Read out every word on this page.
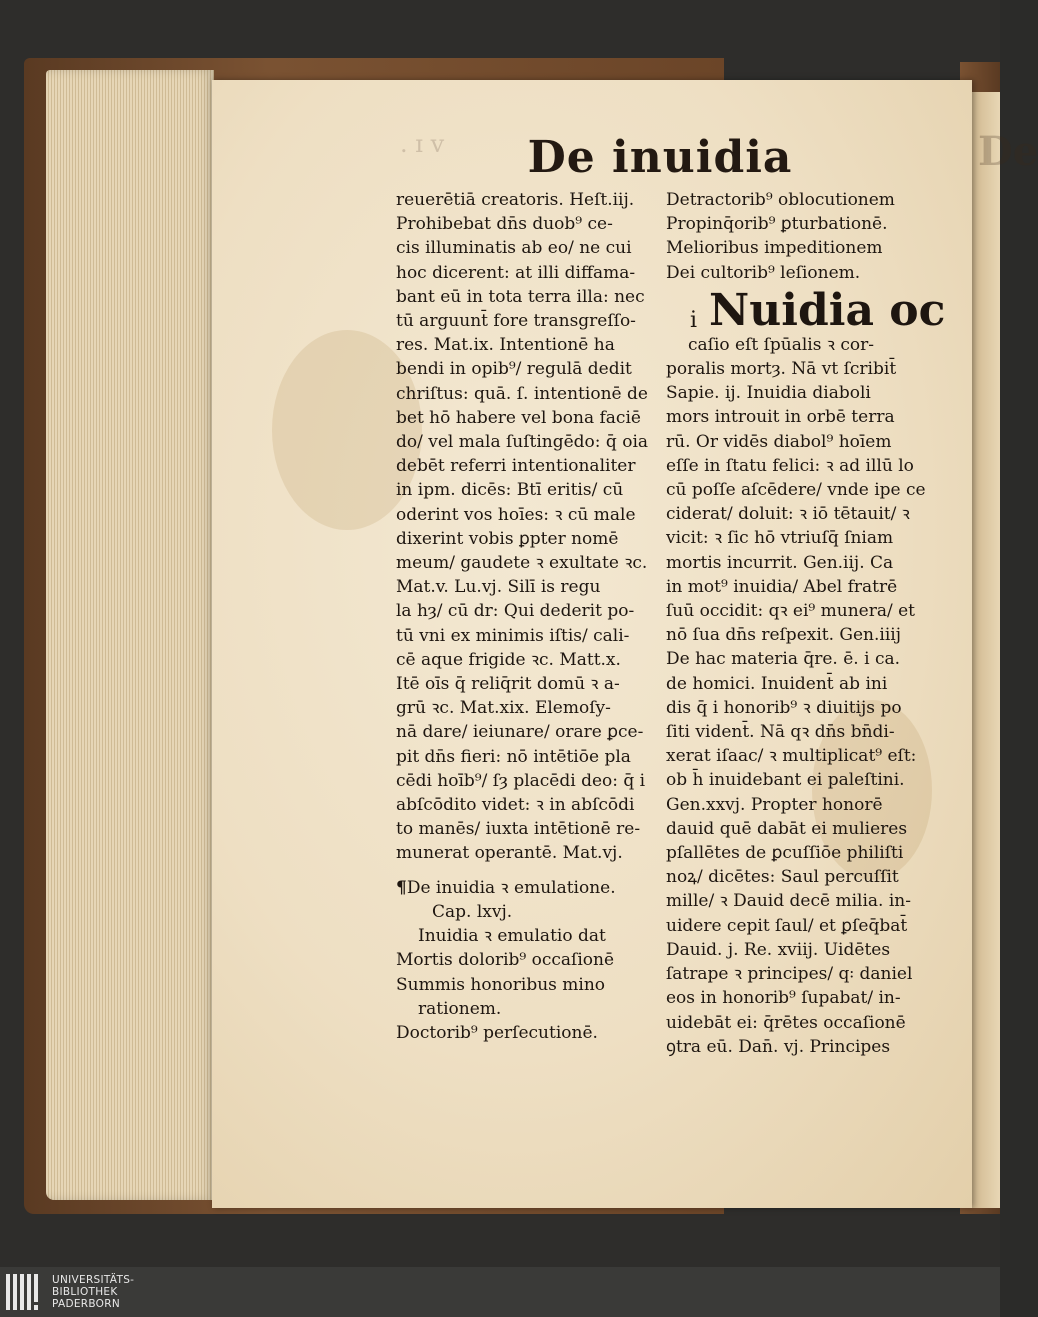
De
. ɪ v	De inuidia
reuerētiā creatoris. Heſt.iij.
Prohibebat dn̄s duob⁹ ce-
cis illuminatis ab eo/ ne cui
hoc dicerent: at illi diffama-
bant eū in tota terra illa: nec
tū arguunt̄ fore transgreſſo-
res. Mat.ix. Intentionē ha
bendi in opib⁹/ regulā dedit
chriſtus: quā. ſ. intentionē de
bet hō habere vel bona faciē
do/ vel mala ſuſtingēdo: q̄ oia
debēt referri intentionaliter
in ipm. dicēs: Btī eritis/ cū
oderint vos hoīes: ꝛ cū male
dixerint vobis ꝑpter nomē
meum/ gaudete ꝛ exultate ꝛc.
Mat.v. Lu.vj. Silī is regu
la hȝ/ cū dr: Qui dederit po-
tū vni ex minimis iſtis/ cali-
cē aque frigide ꝛc. Matt.x.
Itē oīs q̄ reliq̄rit domū ꝛ a-
grū ꝛc. Mat.xix. Elemoſy-
nā dare/ ieiunare/ orare ꝑce-
pit dn̄s fieri: nō intētiōe pla
cēdi hoīb⁹/ ſȝ placēdi deo: q̄ i
abſcōdito videt: ꝛ in abſcōdi
to manēs/ iuxta intētionē re-
munerat operantē. Mat.vj.
¶De inuidia ꝛ emulatione.
Cap. lxvj.
Inuidia ꝛ emulatio dat
Mortis dolorib⁹ occaſionē
Summis honoribus mino
rationem.
Doctorib⁹ perſecutionē.
Detractorib⁹ oblocutionem
Propinq̄orib⁹ ꝑturbationē.
Melioribus impeditionem
Dei cultorib⁹ leſionem.
i Nuidia oc
caſio eſt ſpūalis ꝛ cor-
poralis mortȝ. Nā vt ſcribit̄
Sapie. ij. Inuidia diaboli
mors introuit in orbē terra
rū. Or vidēs diabol⁹ hoīem
eſſe in ſtatu felici: ꝛ ad illū lo
cū poſſe aſcēdere/ vnde ipe ce
ciderat/ doluit: ꝛ iō tētauit/ ꝛ
vicit: ꝛ ſic hō vtriuſq̄ ſniam
mortis incurrit. Gen.iij. Ca
in mot⁹ inuidia/ Abel fratrē
ſuū occidit: qꝛ ei⁹ munera/ et
nō ſua dn̄s reſpexit. Gen.iiij
De hac materia q̄re. ē. i ca.
de homici. Inuident̄ ab ini
dis q̄ i honorib⁹ ꝛ diuitijs po
ſiti vident̄. Nā qꝛ dn̄s bn̄di-
xerat iſaac/ ꝛ multiplicat⁹ eſt:
ob h̄ inuidebant ei paleſtini.
Gen.xxvj. Propter honorē
dauid quē dabāt ei mulieres
pſallētes de ꝑcuſſiōe philiſti
noꝝ/ dicētes: Saul percuſſit
mille/ ꝛ Dauid decē milia. in-
uidere cepit ſaul/ et ꝑſeq̄bat̄
Dauid. j. Re. xviij. Uidētes
ſatrape ꝛ principes/ q꞉ daniel
eos in honorib⁹ ſupabat/ in-
uidebāt ei: q̄rētes occaſionē
ꝯtra eū. Dan̄. vj. Principes
UNIVERSITÄTS-
BIBLIOTHEK
PADERBORN
